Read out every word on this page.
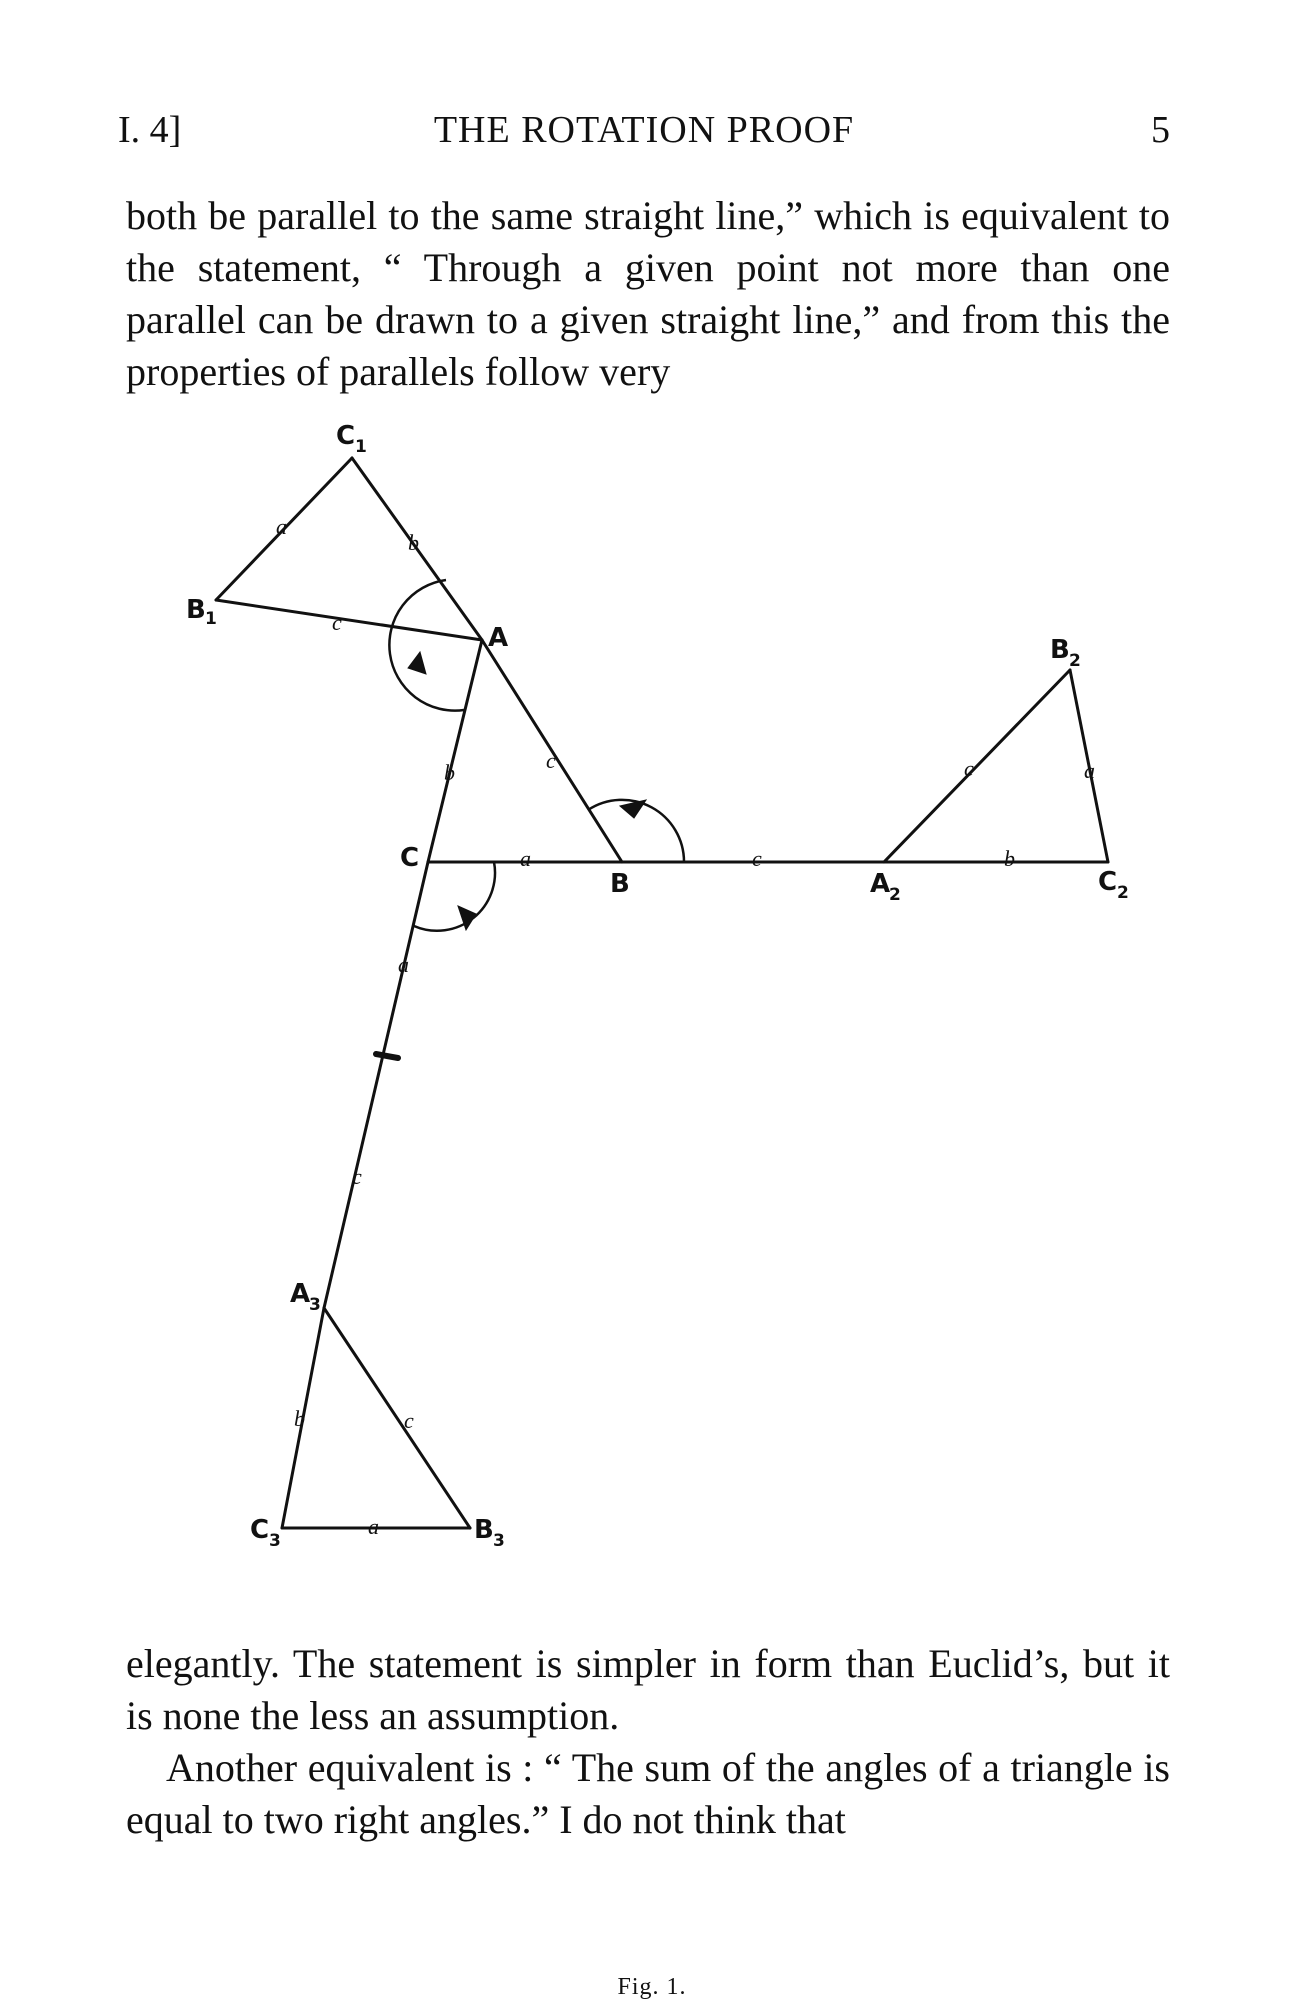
I. 4]	THE ROTATION PROOF	5

both be parallel to the same straight line,” which is equivalent to the statement, “ Through a given point not more than one parallel can be drawn to a given straight line,” and from this the properties of parallels follow very

A
B
C
C 1
B 1
B 2
A
2	C 2
A
3
C 3	B 3
a
b
c
c
b
a	c	b
c	a
a
c
b	c
a
Fig. 1.

elegantly. The statement is simpler in form than Euclid’s, but it is none the less an assumption.

Another equivalent is : “ The sum of the angles of a triangle is equal to two right angles.” I do not think that
